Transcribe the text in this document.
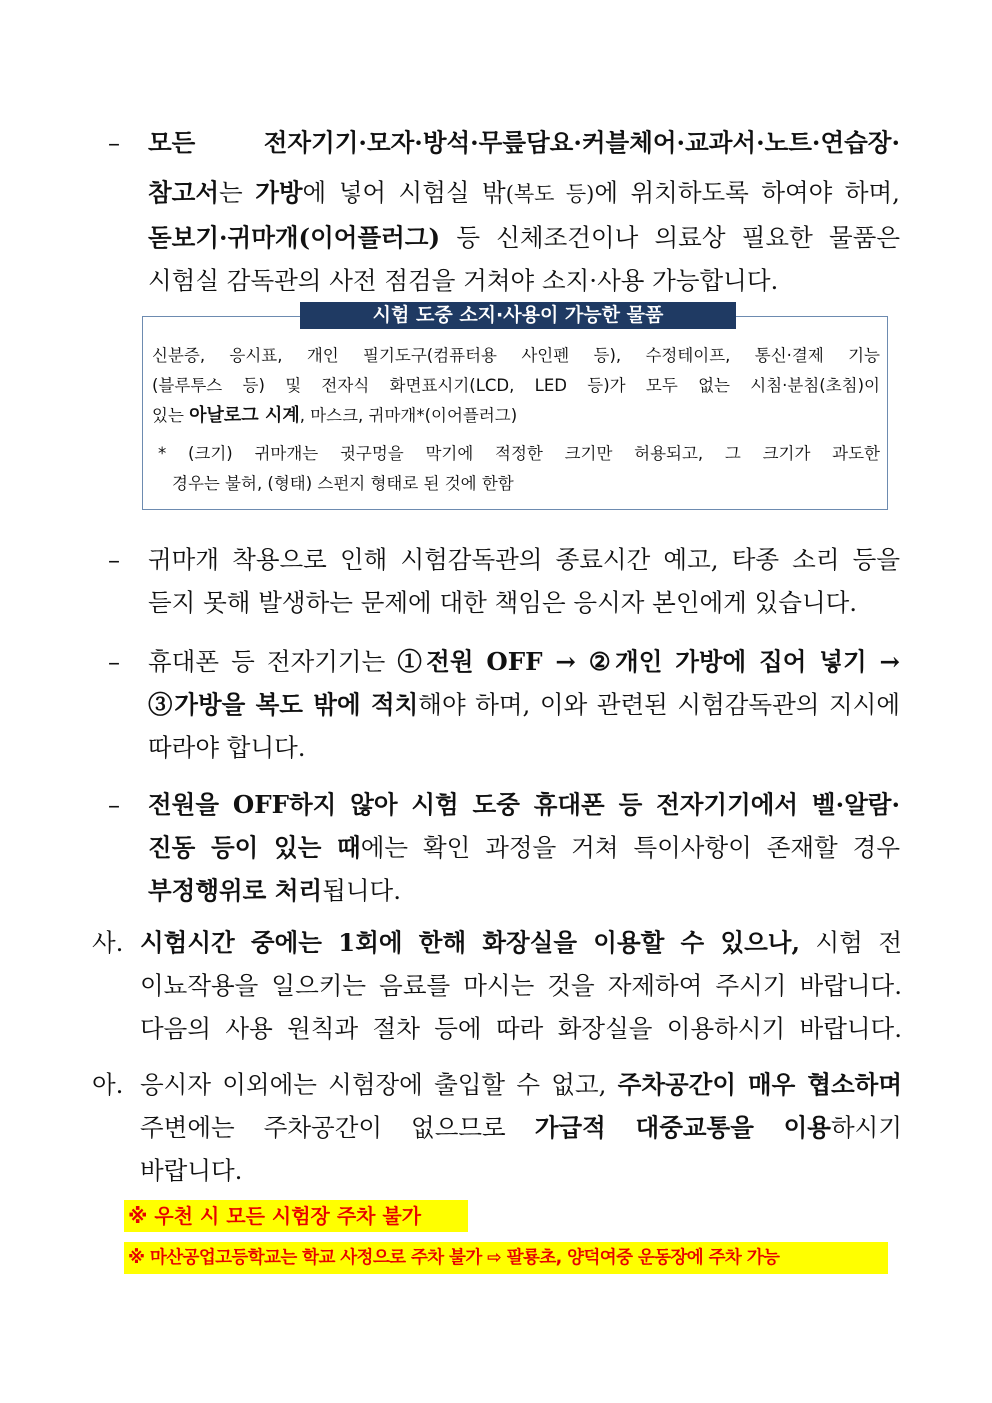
– 모든 전자기기·모자·방석·무릎담요·커블체어·교과서·노트·연습장·
참고서는 가방에 넣어 시험실 밖(복도 등)에 위치하도록 하여야 하며,
돋보기·귀마개(이어플러그) 등 신체조건이나 의료상 필요한 물품은
시험실 감독관의 사전 점검을 거쳐야 소지·사용 가능합니다.
시험 도중 소지·사용이 가능한 물품
신분증, 응시표, 개인 필기도구(컴퓨터용 사인펜 등), 수정테이프, 통신·결제 기능
(블루투스 등) 및 전자식 화면표시기(LCD, LED 등)가 모두 없는 시침·분침(초침)이
있는 아날로그 시계, 마스크, 귀마개*(이어플러그)
* (크기) 귀마개는 귓구멍을 막기에 적정한 크기만 허용되고, 그 크기가 과도한
경우는 불허, (형태) 스펀지 형태로 된 것에 한함
– 귀마개 착용으로 인해 시험감독관의 종료시간 예고, 타종 소리 등을
듣지 못해 발생하는 문제에 대한 책임은 응시자 본인에게 있습니다.
– 휴대폰 등 전자기기는 ①전원 OFF → ②개인 가방에 집어 넣기 →
③가방을 복도 밖에 적치해야 하며, 이와 관련된 시험감독관의 지시에
따라야 합니다.
– 전원을 OFF하지 않아 시험 도중 휴대폰 등 전자기기에서 벨·알람·
진동 등이 있는 때에는 확인 과정을 거쳐 특이사항이 존재할 경우
부정행위로 처리됩니다.
사. 시험시간 중에는 1회에 한해 화장실을 이용할 수 있으나, 시험 전
이뇨작용을 일으키는 음료를 마시는 것을 자제하여 주시기 바랍니다.
다음의 사용 원칙과 절차 등에 따라 화장실을 이용하시기 바랍니다.
아. 응시자 이외에는 시험장에 출입할 수 없고, 주차공간이 매우 협소하며
주변에는 주차공간이 없으므로 가급적 대중교통을 이용하시기
바랍니다.
※ 우천 시 모든 시험장 주차 불가
※ 마산공업고등학교는 학교 사정으로 주차 불가 ⇨ 팔룡초, 양덕여중 운동장에 주차 가능
